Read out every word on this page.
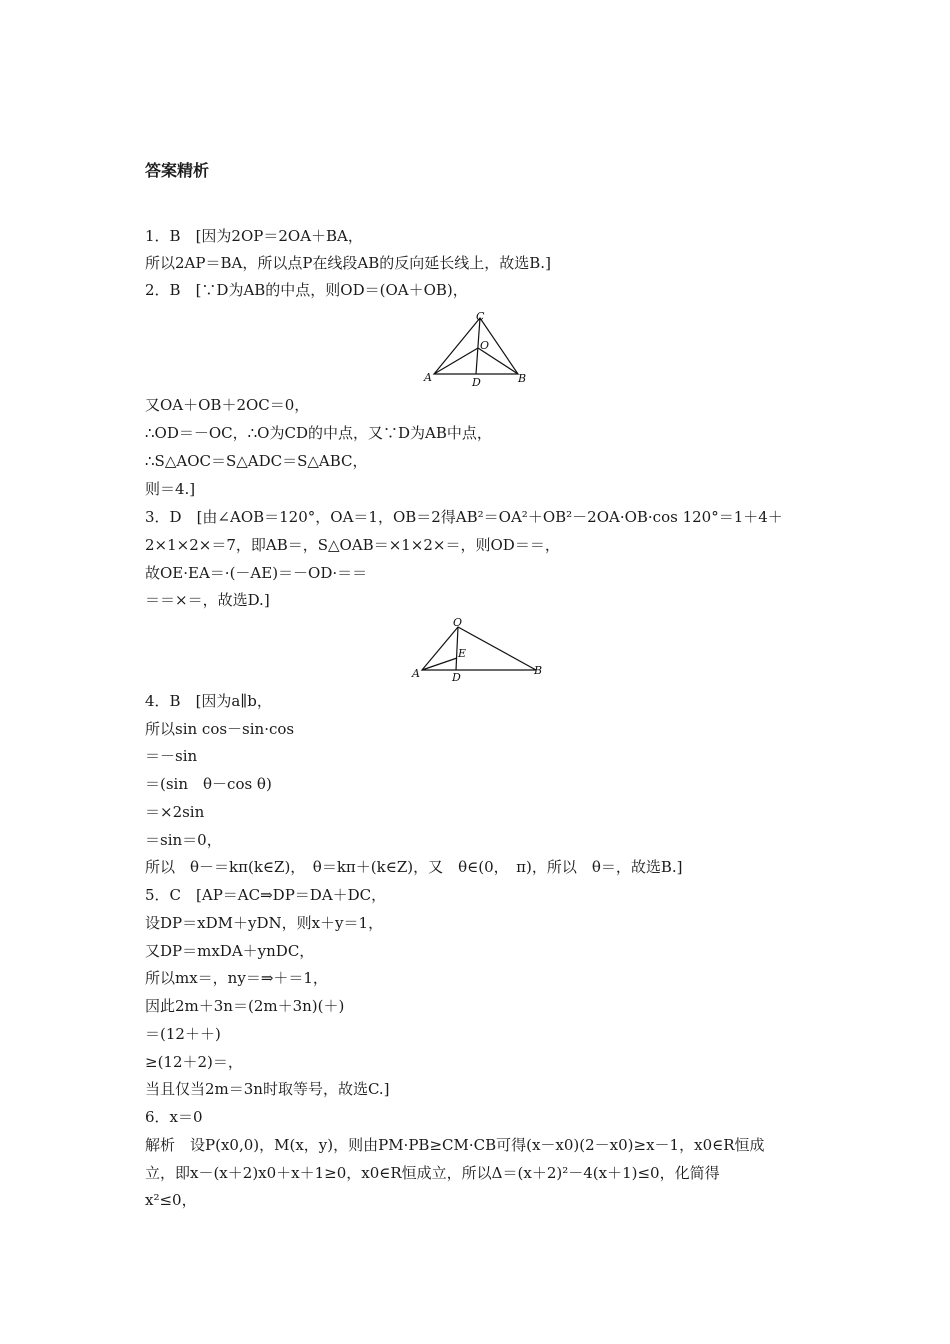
答案精析
1．B　[因为2OP＝2OA＋BA，
所以2AP＝BA，所以点P在线段AB的反向延长线上，故选B.]
2．B　[∵D为AB的中点，则OD＝(OA＋OB)，
C
O
A	D	B
又OA＋OB＋2OC＝0，
∴OD＝－OC，∴O为CD的中点，又∵D为AB中点，
∴S△AOC＝S△ADC＝S△ABC，
则＝4.]
3．D　[由∠AOB＝120°，OA＝1，OB＝2得AB²＝OA²＋OB²－2OA·OB·cos 120°＝1＋4＋
2×1×2×＝7，即AB＝，S△OAB＝×1×2×＝，则OD＝＝，
故OE·EA＝·(－AE)＝－OD·＝＝
＝＝×＝，故选D.]
O
E
A	D
B
4．B　[因为a∥b，
所以sin cos－sin·cos
＝－sin
＝(sin　θ－cos θ)
＝×2sin
＝sin＝0，
所以　θ－＝kπ(k∈Z)，　θ＝kπ＋(k∈Z)，又　θ∈(0，　π)，所以　θ＝，故选B.]
5．C　[AP＝AC⇒DP＝DA＋DC，
设DP＝xDM＋yDN，则x＋y＝1，
又DP＝mxDA＋ynDC，
所以mx＝，ny＝⇒＋＝1，
因此2m＋3n＝(2m＋3n)(＋)
＝(12＋＋)
≥(12＋2)＝，
当且仅当2m＝3n时取等号，故选C.]
6．x＝0
解析　设P(x0,0)，M(x，y)，则由PM·PB≥CM·CB可得(x－x0)(2－x0)≥x－1，x0∈R恒成
立，即x－(x＋2)x0＋x＋1≥0，x0∈R恒成立，所以Δ＝(x＋2)²－4(x＋1)≤0，化简得
x²≤0，
